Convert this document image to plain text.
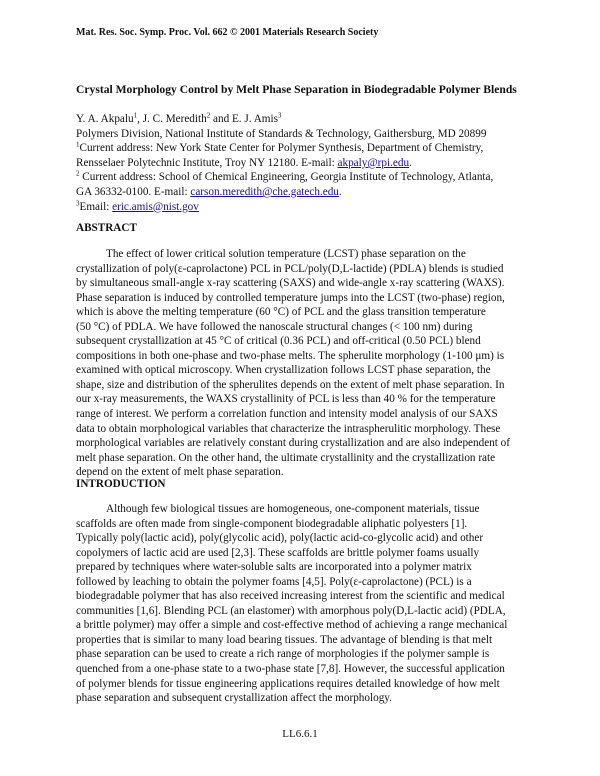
Mat. Res. Soc. Symp. Proc. Vol. 662 © 2001 Materials Research Society
Crystal Morphology Control by Melt Phase Separation in Biodegradable Polymer Blends
Y. A. Akpalu$^1$, J. C. Meredith$^2$ and E. J. Amis$^3$
Polymers Division, National Institute of Standards & Technology, Gaithersburg, MD 20899
$^1$Current address: New York State Center for Polymer Synthesis, Department of Chemistry,
Rensselaer Polytechnic Institute, Troy NY 12180. E-mail: akpaly@rpi.edu.
$^2$ Current address: School of Chemical Engineering, Georgia Institute of Technology, Atlanta,
GA 36332-0100. E-mail: carson.meredith@che.gatech.edu.
$^3$Email: eric.amis@nist.gov
ABSTRACT
The effect of lower critical solution temperature (LCST) phase separation on the
crystallization of poly(ε-caprolactone) PCL in PCL/poly(D,L-lactide) (PDLA) blends is studied
by simultaneous small-angle x-ray scattering (SAXS) and wide-angle x-ray scattering (WAXS).
Phase separation is induced by controlled temperature jumps into the LCST (two-phase) region,
which is above the melting temperature (60 °C) of PCL and the glass transition temperature
(50 °C) of PDLA. We have followed the nanoscale structural changes (< 100 nm) during
subsequent crystallization at 45 °C of critical (0.36 PCL) and off-critical (0.50 PCL) blend
compositions in both one-phase and two-phase melts. The spherulite morphology (1-100 μm) is
examined with optical microscopy. When crystallization follows LCST phase separation, the
shape, size and distribution of the spherulites depends on the extent of melt phase separation. In
our x-ray measurements, the WAXS crystallinity of PCL is less than 40 % for the temperature
range of interest. We perform a correlation function and intensity model analysis of our SAXS
data to obtain morphological variables that characterize the intraspherulitic morphology. These
morphological variables are relatively constant during crystallization and are also independent of
melt phase separation. On the other hand, the ultimate crystallinity and the crystallization rate
depend on the extent of melt phase separation.
INTRODUCTION
Although few biological tissues are homogeneous, one-component materials, tissue
scaffolds are often made from single-component biodegradable aliphatic polyesters [1].
Typically poly(lactic acid), poly(glycolic acid), poly(lactic acid-co-glycolic acid) and other
copolymers of lactic acid are used [2,3]. These scaffolds are brittle polymer foams usually
prepared by techniques where water-soluble salts are incorporated into a polymer matrix
followed by leaching to obtain the polymer foams [4,5]. Poly(ε-caprolactone) (PCL) is a
biodegradable polymer that has also received increasing interest from the scientific and medical
communities [1,6]. Blending PCL (an elastomer) with amorphous poly(D,L-lactic acid) (PDLA,
a brittle polymer) may offer a simple and cost-effective method of achieving a range mechanical
properties that is similar to many load bearing tissues. The advantage of blending is that melt
phase separation can be used to create a rich range of morphologies if the polymer sample is
quenched from a one-phase state to a two-phase state [7,8]. However, the successful application
of polymer blends for tissue engineering applications requires detailed knowledge of how melt
phase separation and subsequent crystallization affect the morphology.
LL6.6.1
